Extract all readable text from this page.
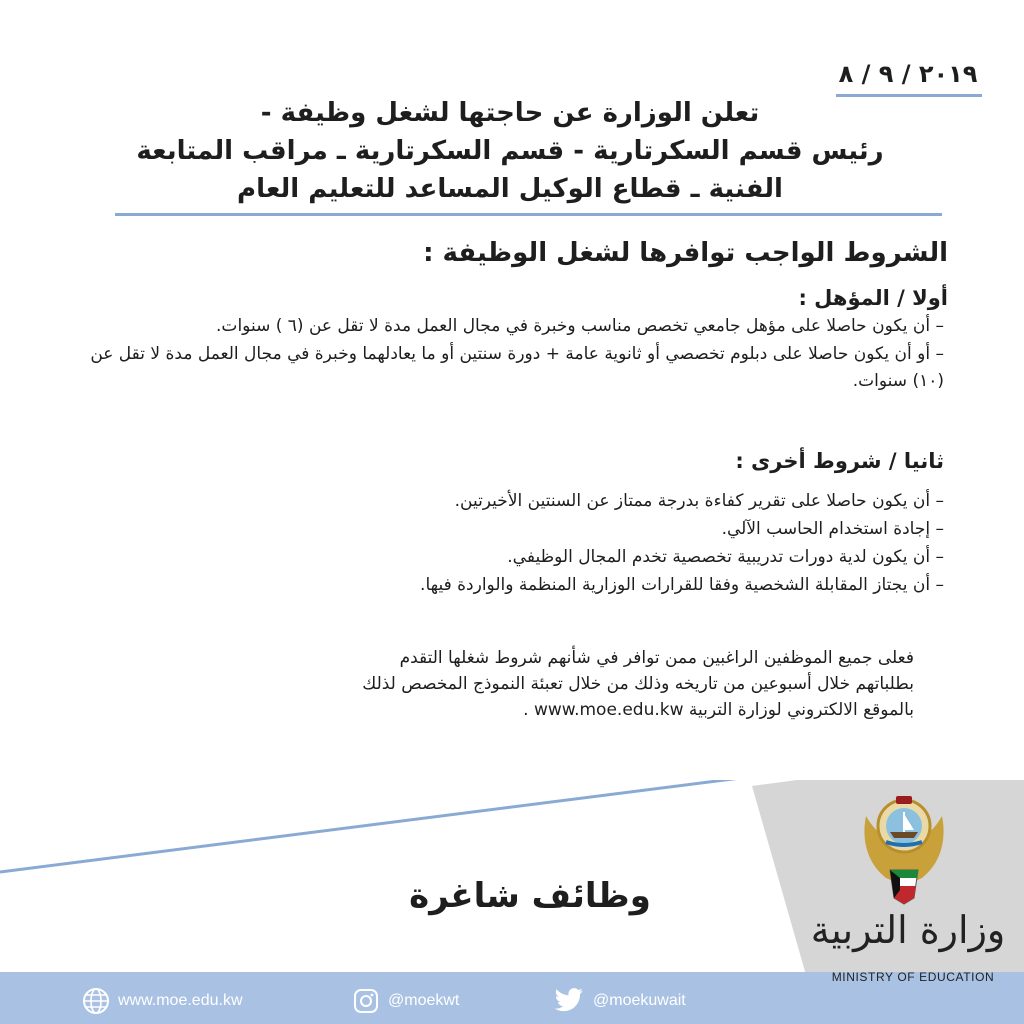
٢٠١٩ / ٩ / ٨
تعلن الوزارة عن حاجتها لشغل وظيفة -
رئيس قسم السكرتارية - قسم السكرتارية ـ مراقب المتابعة
الفنية ـ قطاع الوكيل المساعد للتعليم العام
الشروط الواجب توافرها لشغل الوظيفة :
أولا / المؤهل :

– أن يكون حاصلا على مؤهل جامعي تخصص مناسب وخبرة في مجال العمل مدة لا تقل عن (٦ ) سنوات.

– أو أن يكون حاصلا على دبلوم تخصصي أو ثانوية عامة + دورة سنتين أو ما يعادلهما وخبرة في مجال العمل مدة لا تقل عن (١٠) سنوات.

ثانيا / شروط أخرى :

– أن يكون حاصلا على تقرير كفاءة بدرجة ممتاز عن السنتين الأخيرتين.

– إجادة استخدام الحاسب الآلي.

– أن يكون لدية دورات تدريبية تخصصية تخدم المجال الوظيفي.

– أن يجتاز المقابلة الشخصية وفقا للقرارات الوزارية المنظمة والواردة فيها.

فعلى جميع الموظفين الراغبين ممن توافر في شأنهم شروط شغلها التقدم
بطلباتهم خلال أسبوعين من تاريخه وذلك من خلال تعبئة النموذج المخصص لذلك
بالموقع الالكتروني لوزارة التربية www.moe.edu.kw .
وظائف شاغرة
وزارة التربية
MINISTRY OF EDUCATION
www.moe.edu.kw	@moekwt	@moekuwait
